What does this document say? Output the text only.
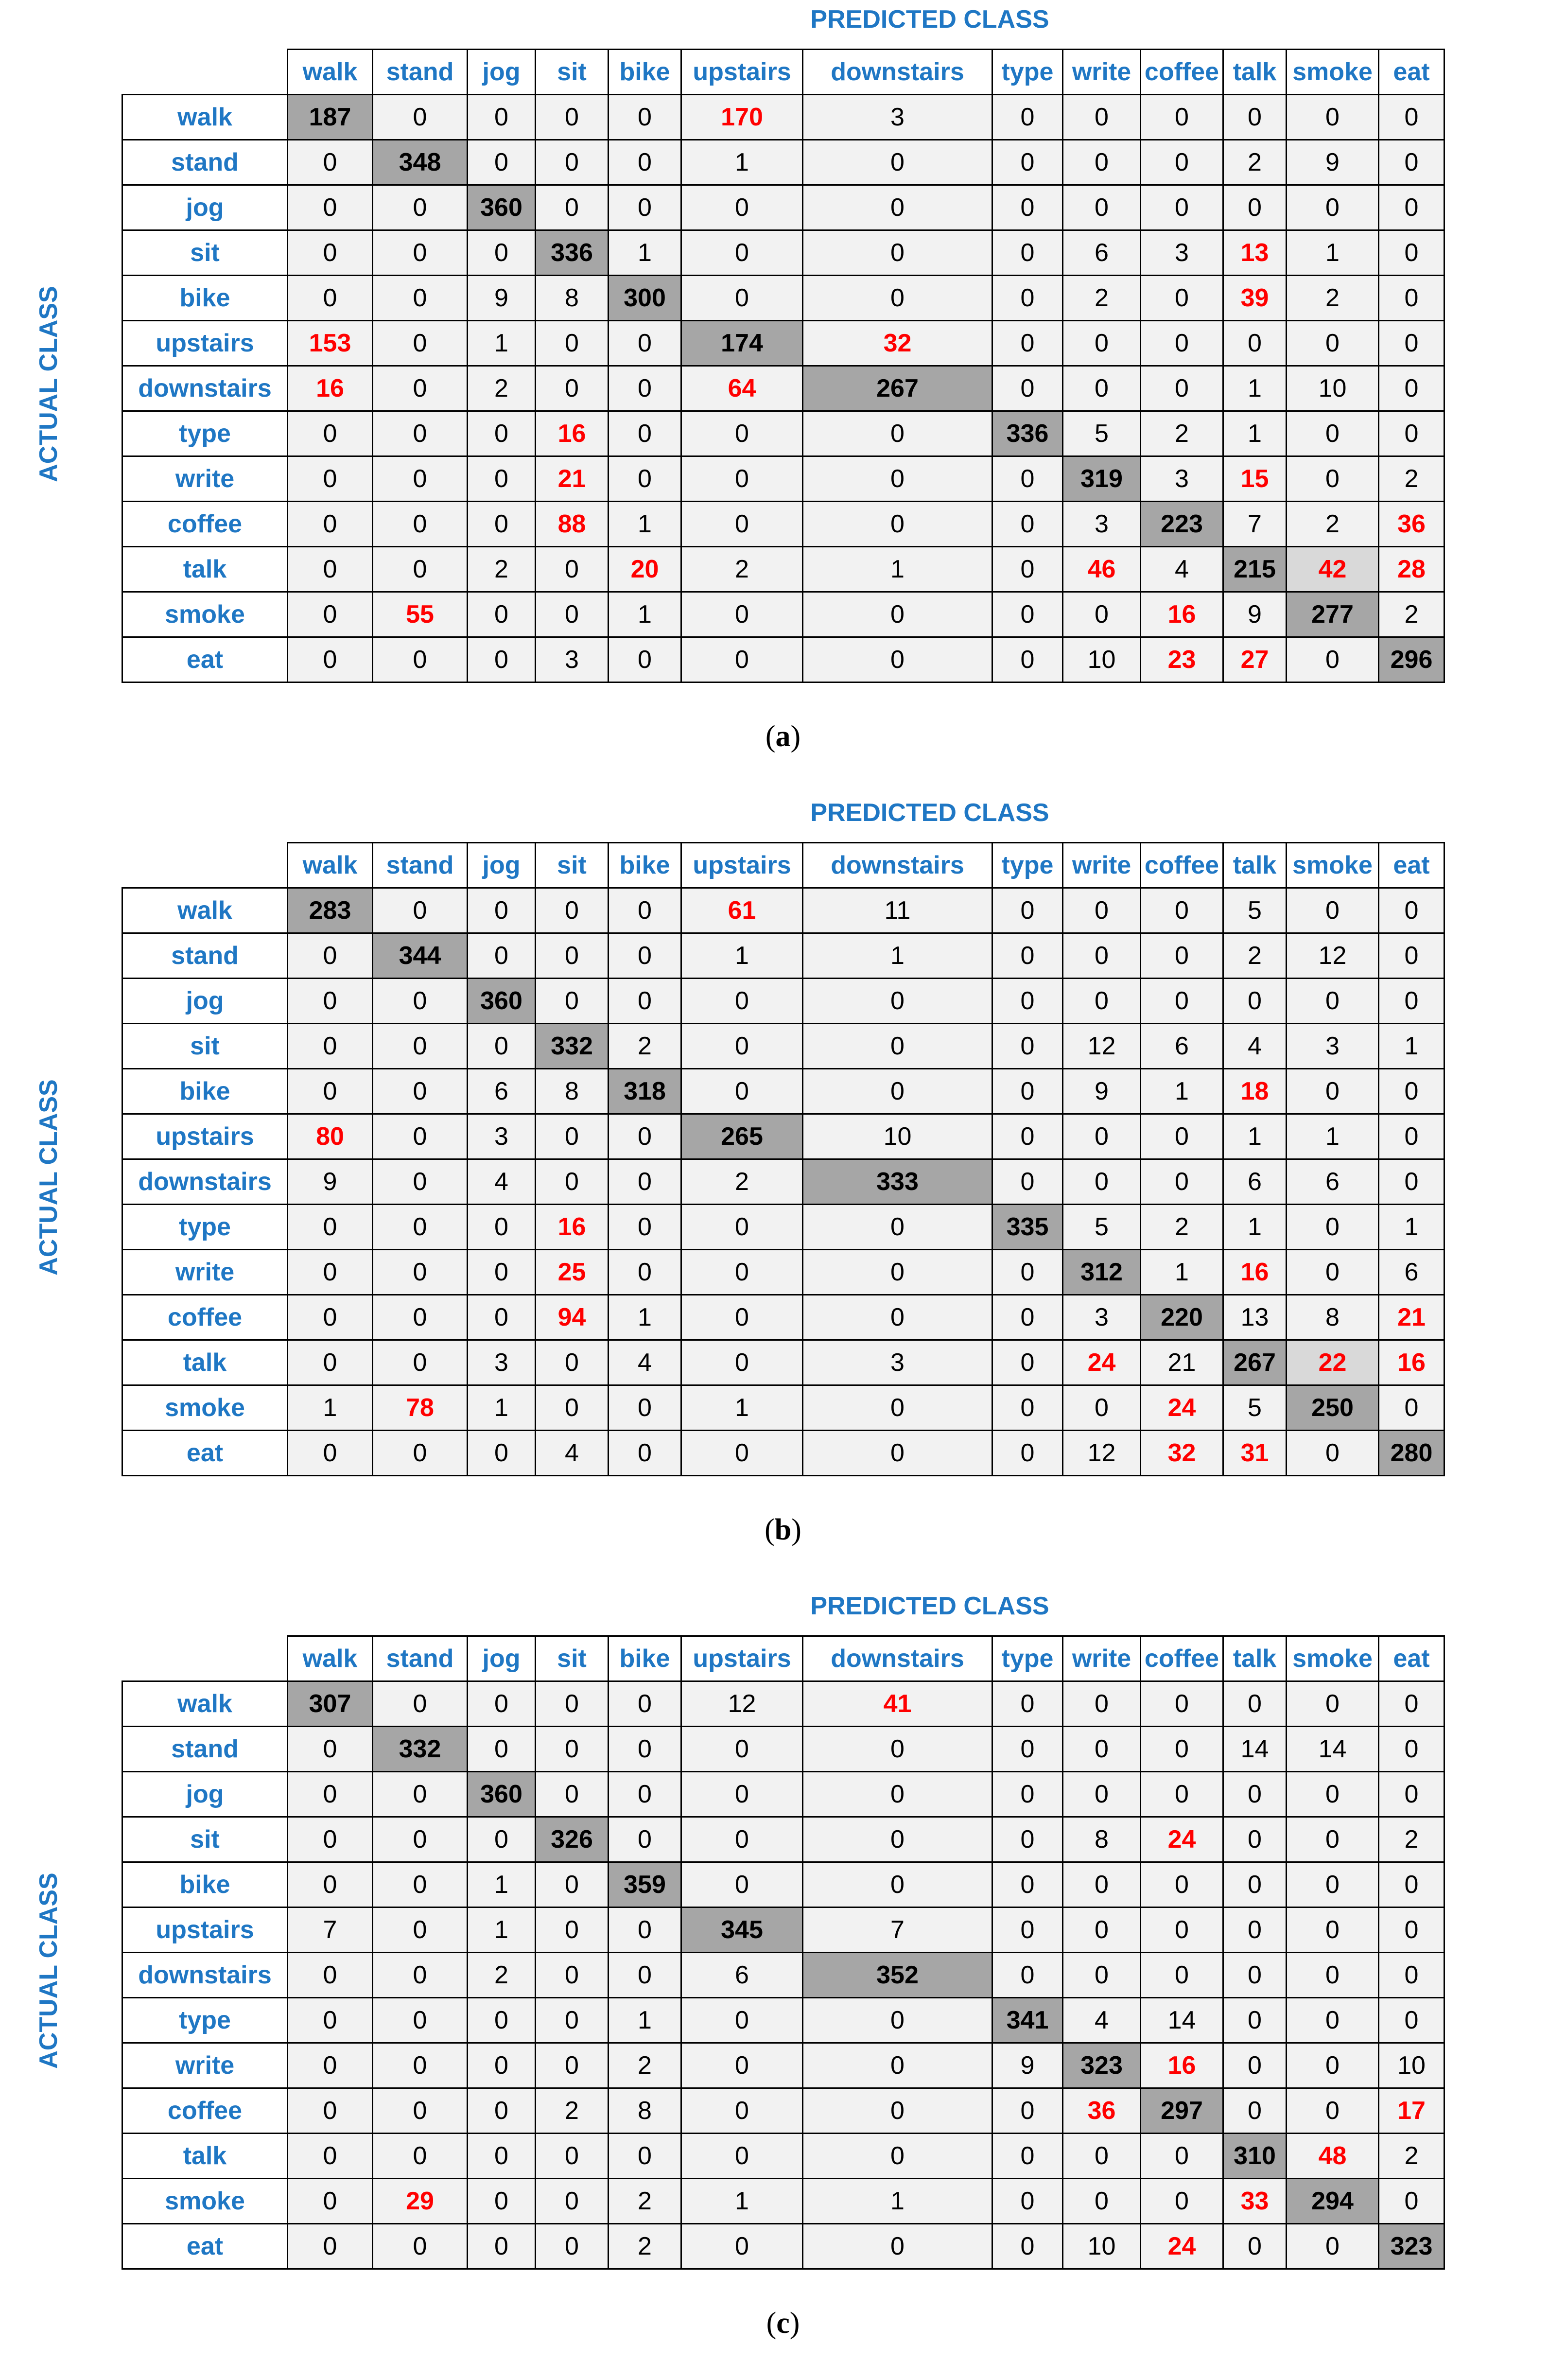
PREDICTED CLASS
ACTUAL CLASS
	walk	stand	jog	sit	bike	upstairs	downstairs	type	write	coffee	talk	smoke	eat
walk	187	0	0	0	0	170	3	0	0	0	0	0	0
stand	0	348	0	0	0	1	0	0	0	0	2	9	0
jog	0	0	360	0	0	0	0	0	0	0	0	0	0
sit	0	0	0	336	1	0	0	0	6	3	13	1	0
bike	0	0	9	8	300	0	0	0	2	0	39	2	0
upstairs	153	0	1	0	0	174	32	0	0	0	0	0	0
downstairs	16	0	2	0	0	64	267	0	0	0	1	10	0
type	0	0	0	16	0	0	0	336	5	2	1	0	0
write	0	0	0	21	0	0	0	0	319	3	15	0	2
coffee	0	0	0	88	1	0	0	0	3	223	7	2	36
talk	0	0	2	0	20	2	1	0	46	4	215	42	28
smoke	0	55	0	0	1	0	0	0	0	16	9	277	2
eat	0	0	0	3	0	0	0	0	10	23	27	0	296
(a)
PREDICTED CLASS
ACTUAL CLASS
	walk	stand	jog	sit	bike	upstairs	downstairs	type	write	coffee	talk	smoke	eat
walk	283	0	0	0	0	61	11	0	0	0	5	0	0
stand	0	344	0	0	0	1	1	0	0	0	2	12	0
jog	0	0	360	0	0	0	0	0	0	0	0	0	0
sit	0	0	0	332	2	0	0	0	12	6	4	3	1
bike	0	0	6	8	318	0	0	0	9	1	18	0	0
upstairs	80	0	3	0	0	265	10	0	0	0	1	1	0
downstairs	9	0	4	0	0	2	333	0	0	0	6	6	0
type	0	0	0	16	0	0	0	335	5	2	1	0	1
write	0	0	0	25	0	0	0	0	312	1	16	0	6
coffee	0	0	0	94	1	0	0	0	3	220	13	8	21
talk	0	0	3	0	4	0	3	0	24	21	267	22	16
smoke	1	78	1	0	0	1	0	0	0	24	5	250	0
eat	0	0	0	4	0	0	0	0	12	32	31	0	280
(b)
PREDICTED CLASS
ACTUAL CLASS
	walk	stand	jog	sit	bike	upstairs	downstairs	type	write	coffee	talk	smoke	eat
walk	307	0	0	0	0	12	41	0	0	0	0	0	0
stand	0	332	0	0	0	0	0	0	0	0	14	14	0
jog	0	0	360	0	0	0	0	0	0	0	0	0	0
sit	0	0	0	326	0	0	0	0	8	24	0	0	2
bike	0	0	1	0	359	0	0	0	0	0	0	0	0
upstairs	7	0	1	0	0	345	7	0	0	0	0	0	0
downstairs	0	0	2	0	0	6	352	0	0	0	0	0	0
type	0	0	0	0	1	0	0	341	4	14	0	0	0
write	0	0	0	0	2	0	0	9	323	16	0	0	10
coffee	0	0	0	2	8	0	0	0	36	297	0	0	17
talk	0	0	0	0	0	0	0	0	0	0	310	48	2
smoke	0	29	0	0	2	1	1	0	0	0	33	294	0
eat	0	0	0	0	2	0	0	0	10	24	0	0	323
(c)
